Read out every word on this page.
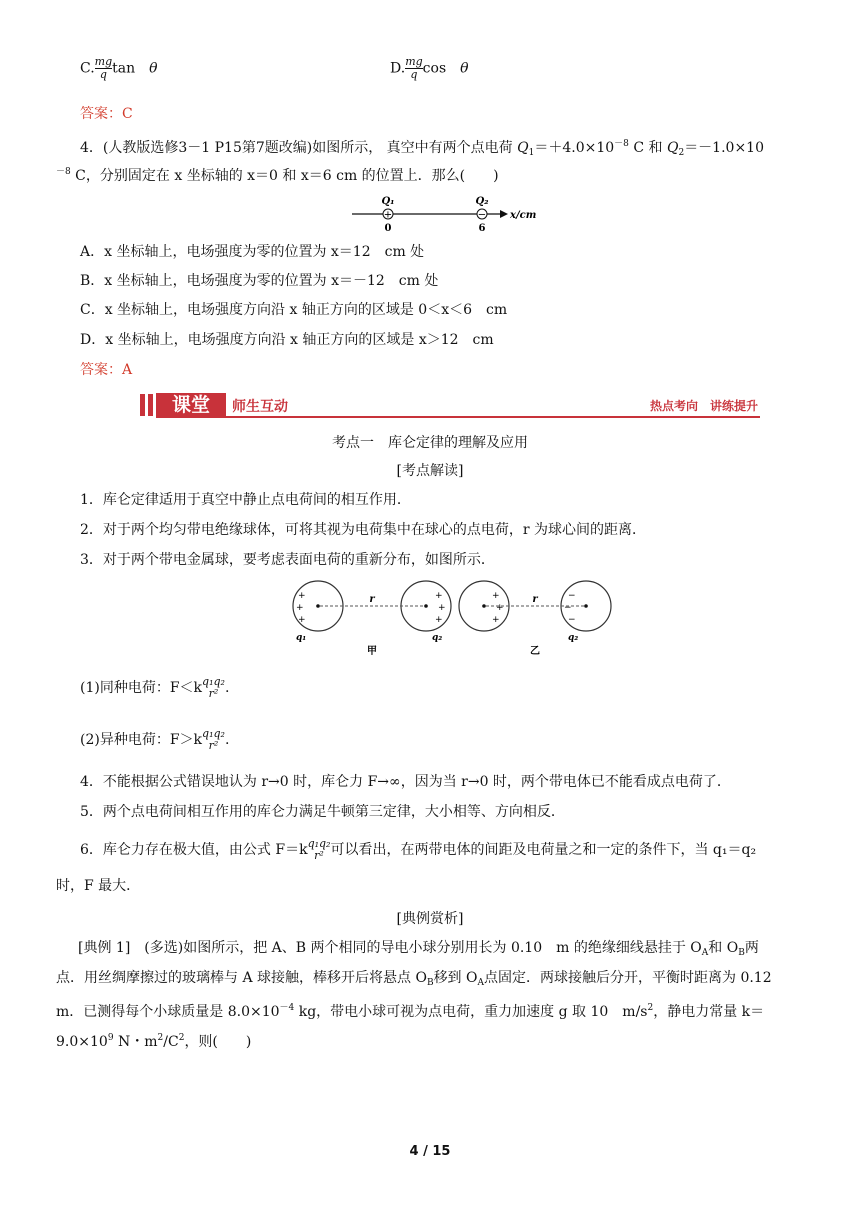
C. $\frac{mg}{q}$ tan　 θ	D. $\frac{mg}{q}$ cos　 θ
答案：C
4．(人教版选修3－1 P15第7题改编)如图所示， 真空中有两个点电荷 $Q_1=+4.0\times 10^{-8}$ C 和 $Q_2=-1.0\times 10$
$^{-8}$ C，分别固定在 x 坐标轴的 x＝0 和 x＝6 cm 的位置上．那么(　　)
+	−
Q₁	Q₂
0	6
x/cm
A．x 坐标轴上，电场强度为零的位置为 x＝12　cm 处
B．x 坐标轴上，电场强度为零的位置为 x＝－12　cm 处
C．x 坐标轴上，电场强度方向沿 x 轴正方向的区域是 0＜x＜6　cm
D．x 坐标轴上，电场强度方向沿 x 轴正方向的区域是 x＞12　cm
答案：A
课堂	师生互动	热点考向　讲练提升
考点一　库仑定律的理解及应用
[考点解读]
1．库仑定律适用于真空中静止点电荷间的相互作用．
2．对于两个均匀带电绝缘球体，可将其视为电荷集中在球心的点电荷，r 为球心间的距离．
3．对于两个带电金属球，要考虑表面电荷的重新分布，如图所示．
+
+
+
+
+
+
+
+
+
−
−
−
r	r
q₁	q₂	q₂
甲	乙
(1)同种电荷：F＜k q₁q₂
r² .
(2)异种电荷：F＞k q₁q₂
r² .
4．不能根据公式错误地认为 r→0 时，库仑力 F→∞，因为当 r→0 时，两个带电体已不能看成点电荷了．
5．两个点电荷间相互作用的库仑力满足牛顿第三定律，大小相等、方向相反．
6．库仑力存在极大值，由公式 F＝k q₁q₂
r² 可以看出，在两带电体的间距及电荷量之和一定的条件下，当 q₁＝q₂
时，F 最大．
[典例赏析]
[典例 1]　(多选)如图所示，把 A、B 两个相同的导电小球分别用长为 0.10　m 的绝缘细线悬挂于 $O_A$和 $O_B$两
点．用丝绸摩擦过的玻璃棒与 A 球接触，棒移开后将悬点 $O_B$移到 $O_A$点固定．两球接触后分开，平衡时距离为 0.12
m．已测得每个小球质量是 $8.0\times 10^{-4}$ kg，带电小球可视为点电荷，重力加速度 g 取 10　$m/s^2$，静电力常量 k＝
$9.0\times 10^9$ N・$m^2/C^2$，则(　　)
4 / 15
